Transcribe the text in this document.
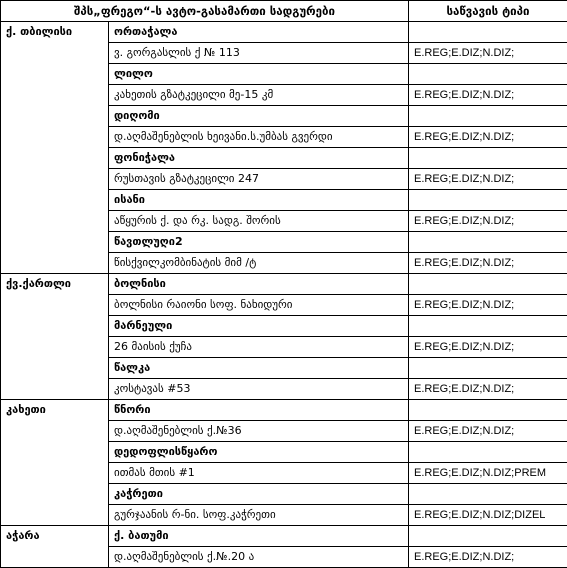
შპს„ფრეგო“-ს ავტო-გასამართი სადგურები		საწვავის ტიპი
ქ. თბილისი	ორთაჭალა	
	ვ. გორგასლის ქ № 113	E.REG;E.DIZ;N.DIZ;
	ლილო	
	კახეთის გზატკეცილი მე-15 კმ	E.REG;E.DIZ;N.DIZ;
	დიღომი	
	დ.აღმაშენებლის ხეივანი.ს.უმბას გვერდი	E.REG;E.DIZ;N.DIZ;
	ფონიჭალა	
	რუსთავის გზატკეცილი 247	E.REG;E.DIZ;N.DIZ;
	ისანი	
	აწყურის ქ. და რკ. სადგ. შორის	E.REG;E.DIZ;N.DIZ;
	წავთლუღი2	
	წისქვილკომბინატის მიმ /ტ	E.REG;E.DIZ;N.DIZ;
ქვ.ქართლი	ბოლნისი	
	ბოლნისი რაიონი სოფ. ნახიდური	E.REG;E.DIZ;N.DIZ;
	მარნეული	
	26 მაისის ქუჩა	E.REG;E.DIZ;N.DIZ;
	წალკა	
	კოსტავას #53	E.REG;E.DIZ;N.DIZ;
კახეთი	წნორი	
	დ.აღმაშენებლის ქ.№36	E.REG;E.DIZ;N.DIZ;
	დედოფლისწყარო	
	ითმას მთის #1	E.REG;E.DIZ;N.DIZ;PREM
	კაჭრეთი	
	გურჯაანის რ-ნი. სოფ.კაჭრეთი	E.REG;E.DIZ;N.DIZ;DIZEL
აჭარა	ქ. ბათუმი	
	დ.აღმაშენებლის ქ.№.20 ა	E.REG;E.DIZ;N.DIZ;
